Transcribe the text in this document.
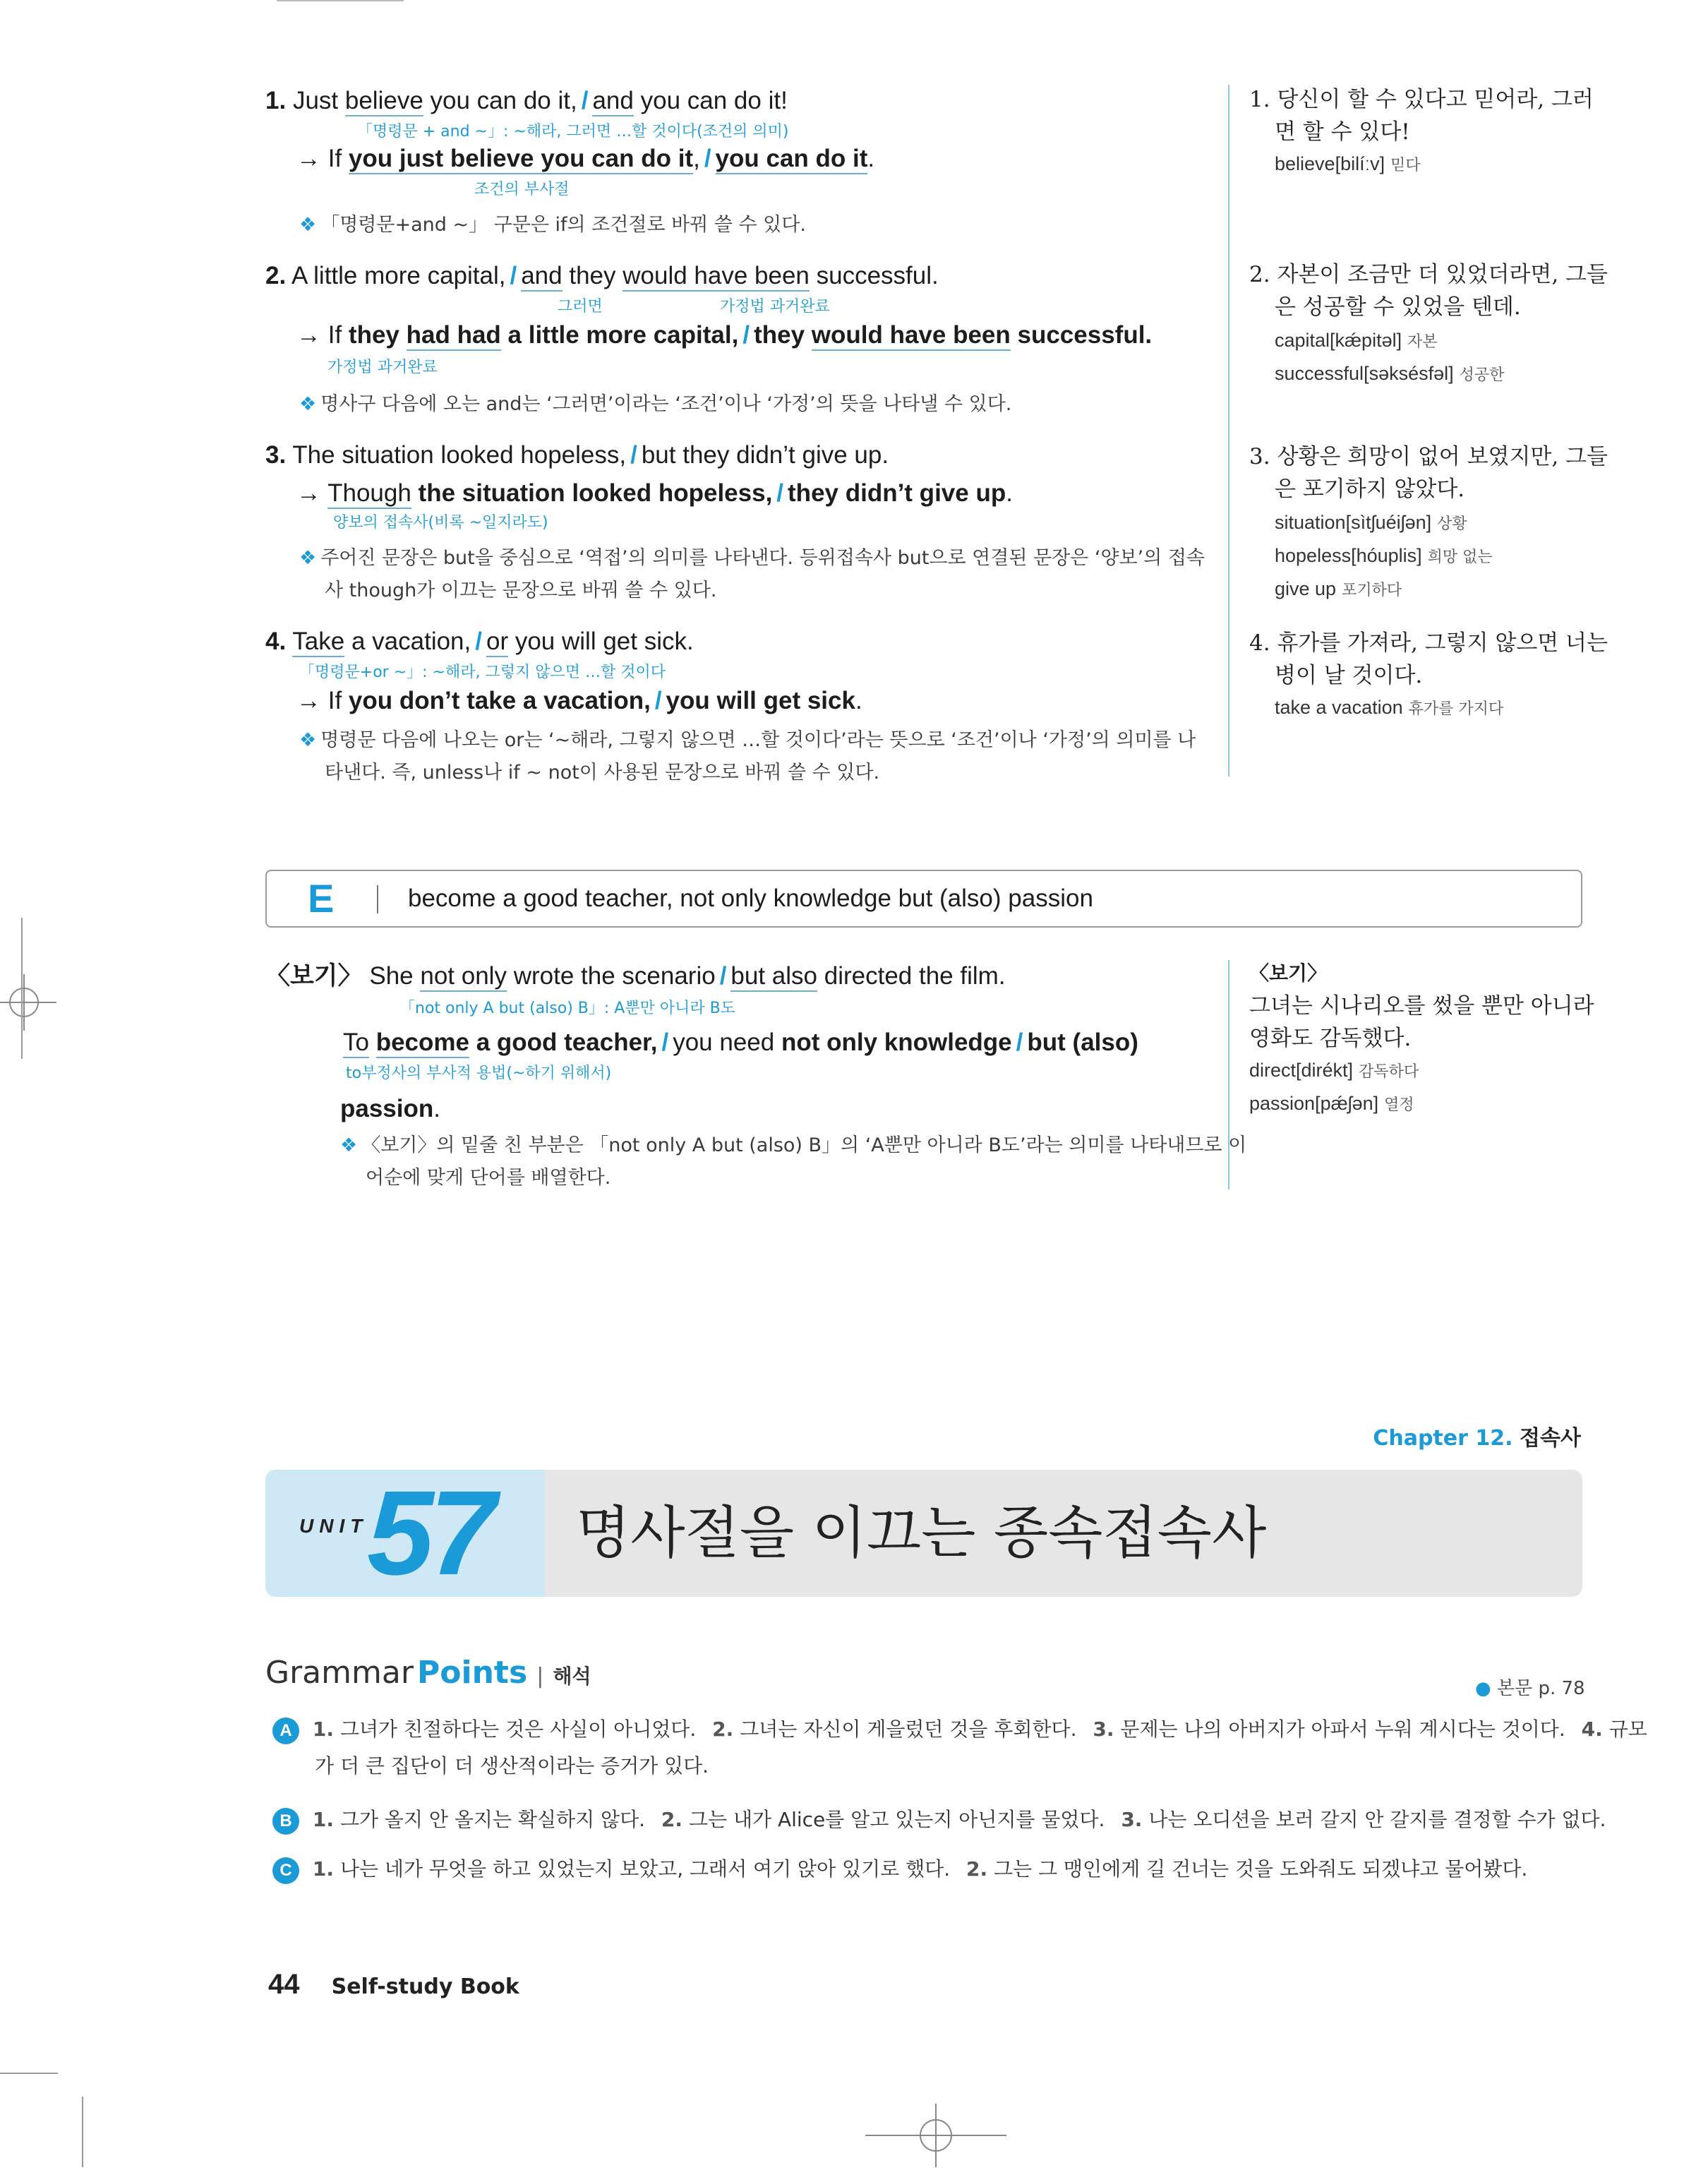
1. Just believe you can do it, / and you can do it!
「명령문 + and ~」: ~해라, 그러면 …할 것이다(조건의 의미)
→ If you just believe you can do it, / you can do it.
조건의 부사절
❖ 「명령문+and ~」 구문은 if의 조건절로 바꿔 쓸 수 있다.
1. 당신이 할 수 있다고 믿어라, 그러
면 할 수 있다!
believe[bilíːv] 믿다
2. A little more capital, / and they would have been successful.
그러면	가정법 과거완료
→ If they had had a little more capital, / they would have been successful.
가정법 과거완료
❖ 명사구 다음에 오는 and는 ‘그러면’이라는 ‘조건’이나 ‘가정’의 뜻을 나타낼 수 있다.
2. 자본이 조금만 더 있었더라면, 그들
은 성공할 수 있었을 텐데.
capital[kǽpitəl] 자본
successful[səksésfəl] 성공한
3. The situation looked hopeless, / but they didn’t give up.
→ Though the situation looked hopeless, / they didn’t give up.
양보의 접속사(비록 ~일지라도)
❖ 주어진 문장은 but을 중심으로 ‘역접’의 의미를 나타낸다. 등위접속사 but으로 연결된 문장은 ‘양보’의 접속
사 though가 이끄는 문장으로 바꿔 쓸 수 있다.
3. 상황은 희망이 없어 보였지만, 그들
은 포기하지 않았다.
situation[sìtʃuéiʃən] 상황
hopeless[hóuplis] 희망 없는
give up 포기하다
4. Take a vacation, / or you will get sick.
「명령문+or ~」: ~해라, 그렇지 않으면 …할 것이다
→ If you don’t take a vacation, / you will get sick.
❖ 명령문 다음에 나오는 or는 ‘~해라, 그렇지 않으면 …할 것이다’라는 뜻으로 ‘조건’이나 ‘가정’의 의미를 나
타낸다. 즉, unless나 if ~ not이 사용된 문장으로 바꿔 쓸 수 있다.
4. 휴가를 가져라, 그렇지 않으면 너는
병이 날 것이다.
take a vacation 휴가를 가지다
E	become a good teacher, not only knowledge but (also) passion
〈보기〉 She not only wrote the scenario / but also directed the film.
「not only A but (also) B」: A뿐만 아니라 B도
To become a good teacher, / you need not only knowledge / but (also)
to부정사의 부사적 용법(~하기 위해서)
passion.
❖ 〈보기〉의 밑줄 친 부분은 「not only A but (also) B」의 ‘A뿐만 아니라 B도’라는 의미를 나타내므로 이
어순에 맞게 단어를 배열한다.
〈보기〉
그녀는 시나리오를 썼을 뿐만 아니라
영화도 감독했다.
direct[dirékt] 감독하다
passion[pǽʃən] 열정
Chapter 12. 접속사
UNIT
57 명사절을 이끄는 종속접속사
Grammar Points | 해석
● 본문 p. 78
A 1. 그녀가 친절하다는 것은 사실이 아니었다. 2. 그녀는 자신이 게을렀던 것을 후회한다. 3. 문제는 나의 아버지가 아파서 누워 계시다는 것이다. 4. 규모
가 더 큰 집단이 더 생산적이라는 증거가 있다.
B 1. 그가 올지 안 올지는 확실하지 않다. 2. 그는 내가 Alice를 알고 있는지 아닌지를 물었다. 3. 나는 오디션을 보러 갈지 안 갈지를 결정할 수가 없다.
C 1. 나는 네가 무엇을 하고 있었는지 보았고, 그래서 여기 앉아 있기로 했다. 2. 그는 그 맹인에게 길 건너는 것을 도와줘도 되겠냐고 물어봤다.
44 Self-study Book
